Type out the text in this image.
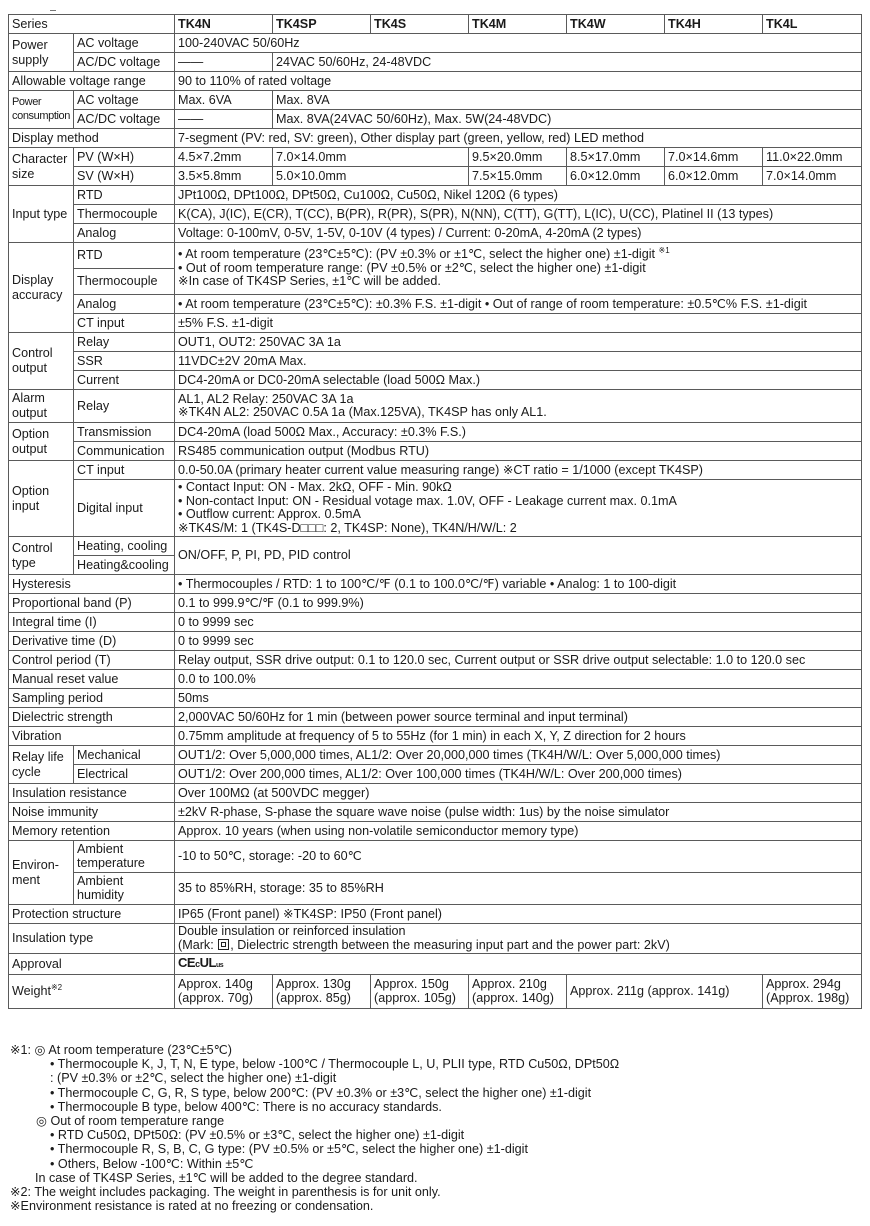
Series		TK4N	TK4SP	TK4S	TK4M	TK4W	TK4H	TK4L
Power supply	AC voltage	100-240VAC 50/60Hz						
	AC/DC voltage	——	24VAC 50/60Hz, 24-48VDC					
Allowable voltage range		90 to 110% of rated voltage						
Power
consumption	AC voltage	Max. 6VA	Max. 8VA					
	AC/DC voltage	——	Max. 8VA(24VAC 50/60Hz), Max. 5W(24-48VDC)					
Display method		7-segment (PV: red, SV: green), Other display part (green, yellow, red) LED method						
Character size	PV (W×H)	4.5×7.2mm	7.0×14.0mm		9.5×20.0mm	8.5×17.0mm	7.0×14.6mm	11.0×22.0mm
	SV (W×H)	3.5×5.8mm	5.0×10.0mm		7.5×15.0mm	6.0×12.0mm	6.0×12.0mm	7.0×14.0mm
Input type	RTD	JPt100Ω, DPt100Ω, DPt50Ω, Cu100Ω, Cu50Ω, Nikel 120Ω (6 types)						
	Thermocouple	K(CA), J(IC), E(CR), T(CC), B(PR), R(PR), S(PR), N(NN), C(TT), G(TT), L(IC), U(CC), Platinel II (13 types)						
	Analog	Voltage: 0-100mV, 0-5V, 1-5V, 0-10V (4 types) / Current: 0-20mA, 4-20mA (2 types)						
Display accuracy	RTD	• At room temperature (23℃±5℃): (PV ±0.3% or ±1℃, select the higher one) ±1-digit $^{※1}$
• Out of room temperature range: (PV ±0.5% or ±2℃, select the higher one) ±1-digit
※In case of TK4SP Series, ±1℃ will be added.						
	Thermocouple							
	Analog	• At room temperature (23℃±5℃): ±0.3% F.S. ±1-digit • Out of range of room temperature: ±0.5℃% F.S. ±1-digit						
	CT input	±5% F.S. ±1-digit						
Control output	Relay	OUT1, OUT2: 250VAC 3A 1a						
	SSR	11VDC±2V 20mA Max.						
	Current	DC4-20mA or DC0-20mA selectable (load 500Ω Max.)						
Alarm output	Relay	AL1, AL2 Relay: 250VAC 3A 1a
※TK4N AL2: 250VAC 0.5A 1a (Max.125VA), TK4SP has only AL1.						
Option output	Transmission	DC4-20mA (load 500Ω Max., Accuracy: ±0.3% F.S.)						
	Communication	RS485 communication output (Modbus RTU)						
Option input	CT input	0.0-50.0A (primary heater current value measuring range) ※CT ratio = 1/1000 (except TK4SP)						
	Digital input	• Contact Input: ON - Max. 2kΩ, OFF - Min. 90kΩ
• Non-contact Input: ON - Residual votage max. 1.0V, OFF - Leakage current max. 0.1mA
• Outflow current: Approx. 0.5mA
※TK4S/M: 1 (TK4S-D□□□: 2, TK4SP: None), TK4N/H/W/L: 2						
Control type	Heating, cooling	ON/OFF, P, PI, PD, PID control						
	Heating&cooling							
Hysteresis		• Thermocouples / RTD: 1 to 100℃/℉ (0.1 to 100.0℃/℉) variable • Analog: 1 to 100-digit						
Proportional band (P)		0.1 to 999.9℃/℉ (0.1 to 999.9%)						
Integral time (I)		0 to 9999 sec						
Derivative time (D)		0 to 9999 sec						
Control period (T)		Relay output, SSR drive output: 0.1 to 120.0 sec, Current output or SSR drive output selectable: 1.0 to 120.0 sec						
Manual reset value		0.0 to 100.0%						
Sampling period		50ms						
Dielectric strength		2,000VAC 50/60Hz for 1 min (between power source terminal and input terminal)						
Vibration		0.75mm amplitude at frequency of 5 to 55Hz (for 1 min) in each X, Y, Z direction for 2 hours						
Relay life cycle	Mechanical	OUT1/2: Over 5,000,000 times, AL1/2: Over 20,000,000 times (TK4H/W/L: Over 5,000,000 times)						
	Electrical	OUT1/2: Over 200,000 times, AL1/2: Over 100,000 times (TK4H/W/L: Over 200,000 times)						
Insulation resistance		Over 100MΩ (at 500VDC megger)						
Noise immunity		±2kV R-phase, S-phase the square wave noise (pulse width: 1us) by the noise simulator						
Memory retention		Approx. 10 years (when using non-volatile semiconductor memory type)						
Environ-ment	Ambient temperature	-10 to 50℃, storage: -20 to 60℃						
	Ambient humidity	35 to 85%RH, storage: 35 to 85%RH						
Protection structure		IP65 (Front panel) ※TK4SP: IP50 (Front panel)						
Insulation type		Double insulation or reinforced insulation
(Mark: , Dielectric strength between the measuring input part and the power part: 2kV)						
Approval		CEcULus						
Weight$^{※2}$		Approx. 140g (approx. 70g)	Approx. 130g (approx. 85g)	Approx. 150g (approx. 105g)	Approx. 210g (approx. 140g)	Approx. 211g (approx. 141g)		Approx. 294g (Approx. 198g)
※1: ◎ At room temperature (23℃±5℃)
• Thermocouple K, J, T, N, E type, below -100℃ / Thermocouple L, U, PLII type, RTD Cu50Ω, DPt50Ω
: (PV ±0.3% or ±2℃, select the higher one) ±1-digit
• Thermocouple C, G, R, S type, below 200℃: (PV ±0.3% or ±3℃, select the higher one) ±1-digit
• Thermocouple B type, below 400℃: There is no accuracy standards.
◎ Out of room temperature range
• RTD Cu50Ω, DPt50Ω: (PV ±0.5% or ±3℃, select the higher one) ±1-digit
• Thermocouple R, S, B, C, G type: (PV ±0.5% or ±5℃, select the higher one) ±1-digit
• Others, Below -100℃: Within ±5℃
In case of TK4SP Series, ±1℃ will be added to the degree standard.
※2: The weight includes packaging. The weight in parenthesis is for unit only.
※Environment resistance is rated at no freezing or condensation.
